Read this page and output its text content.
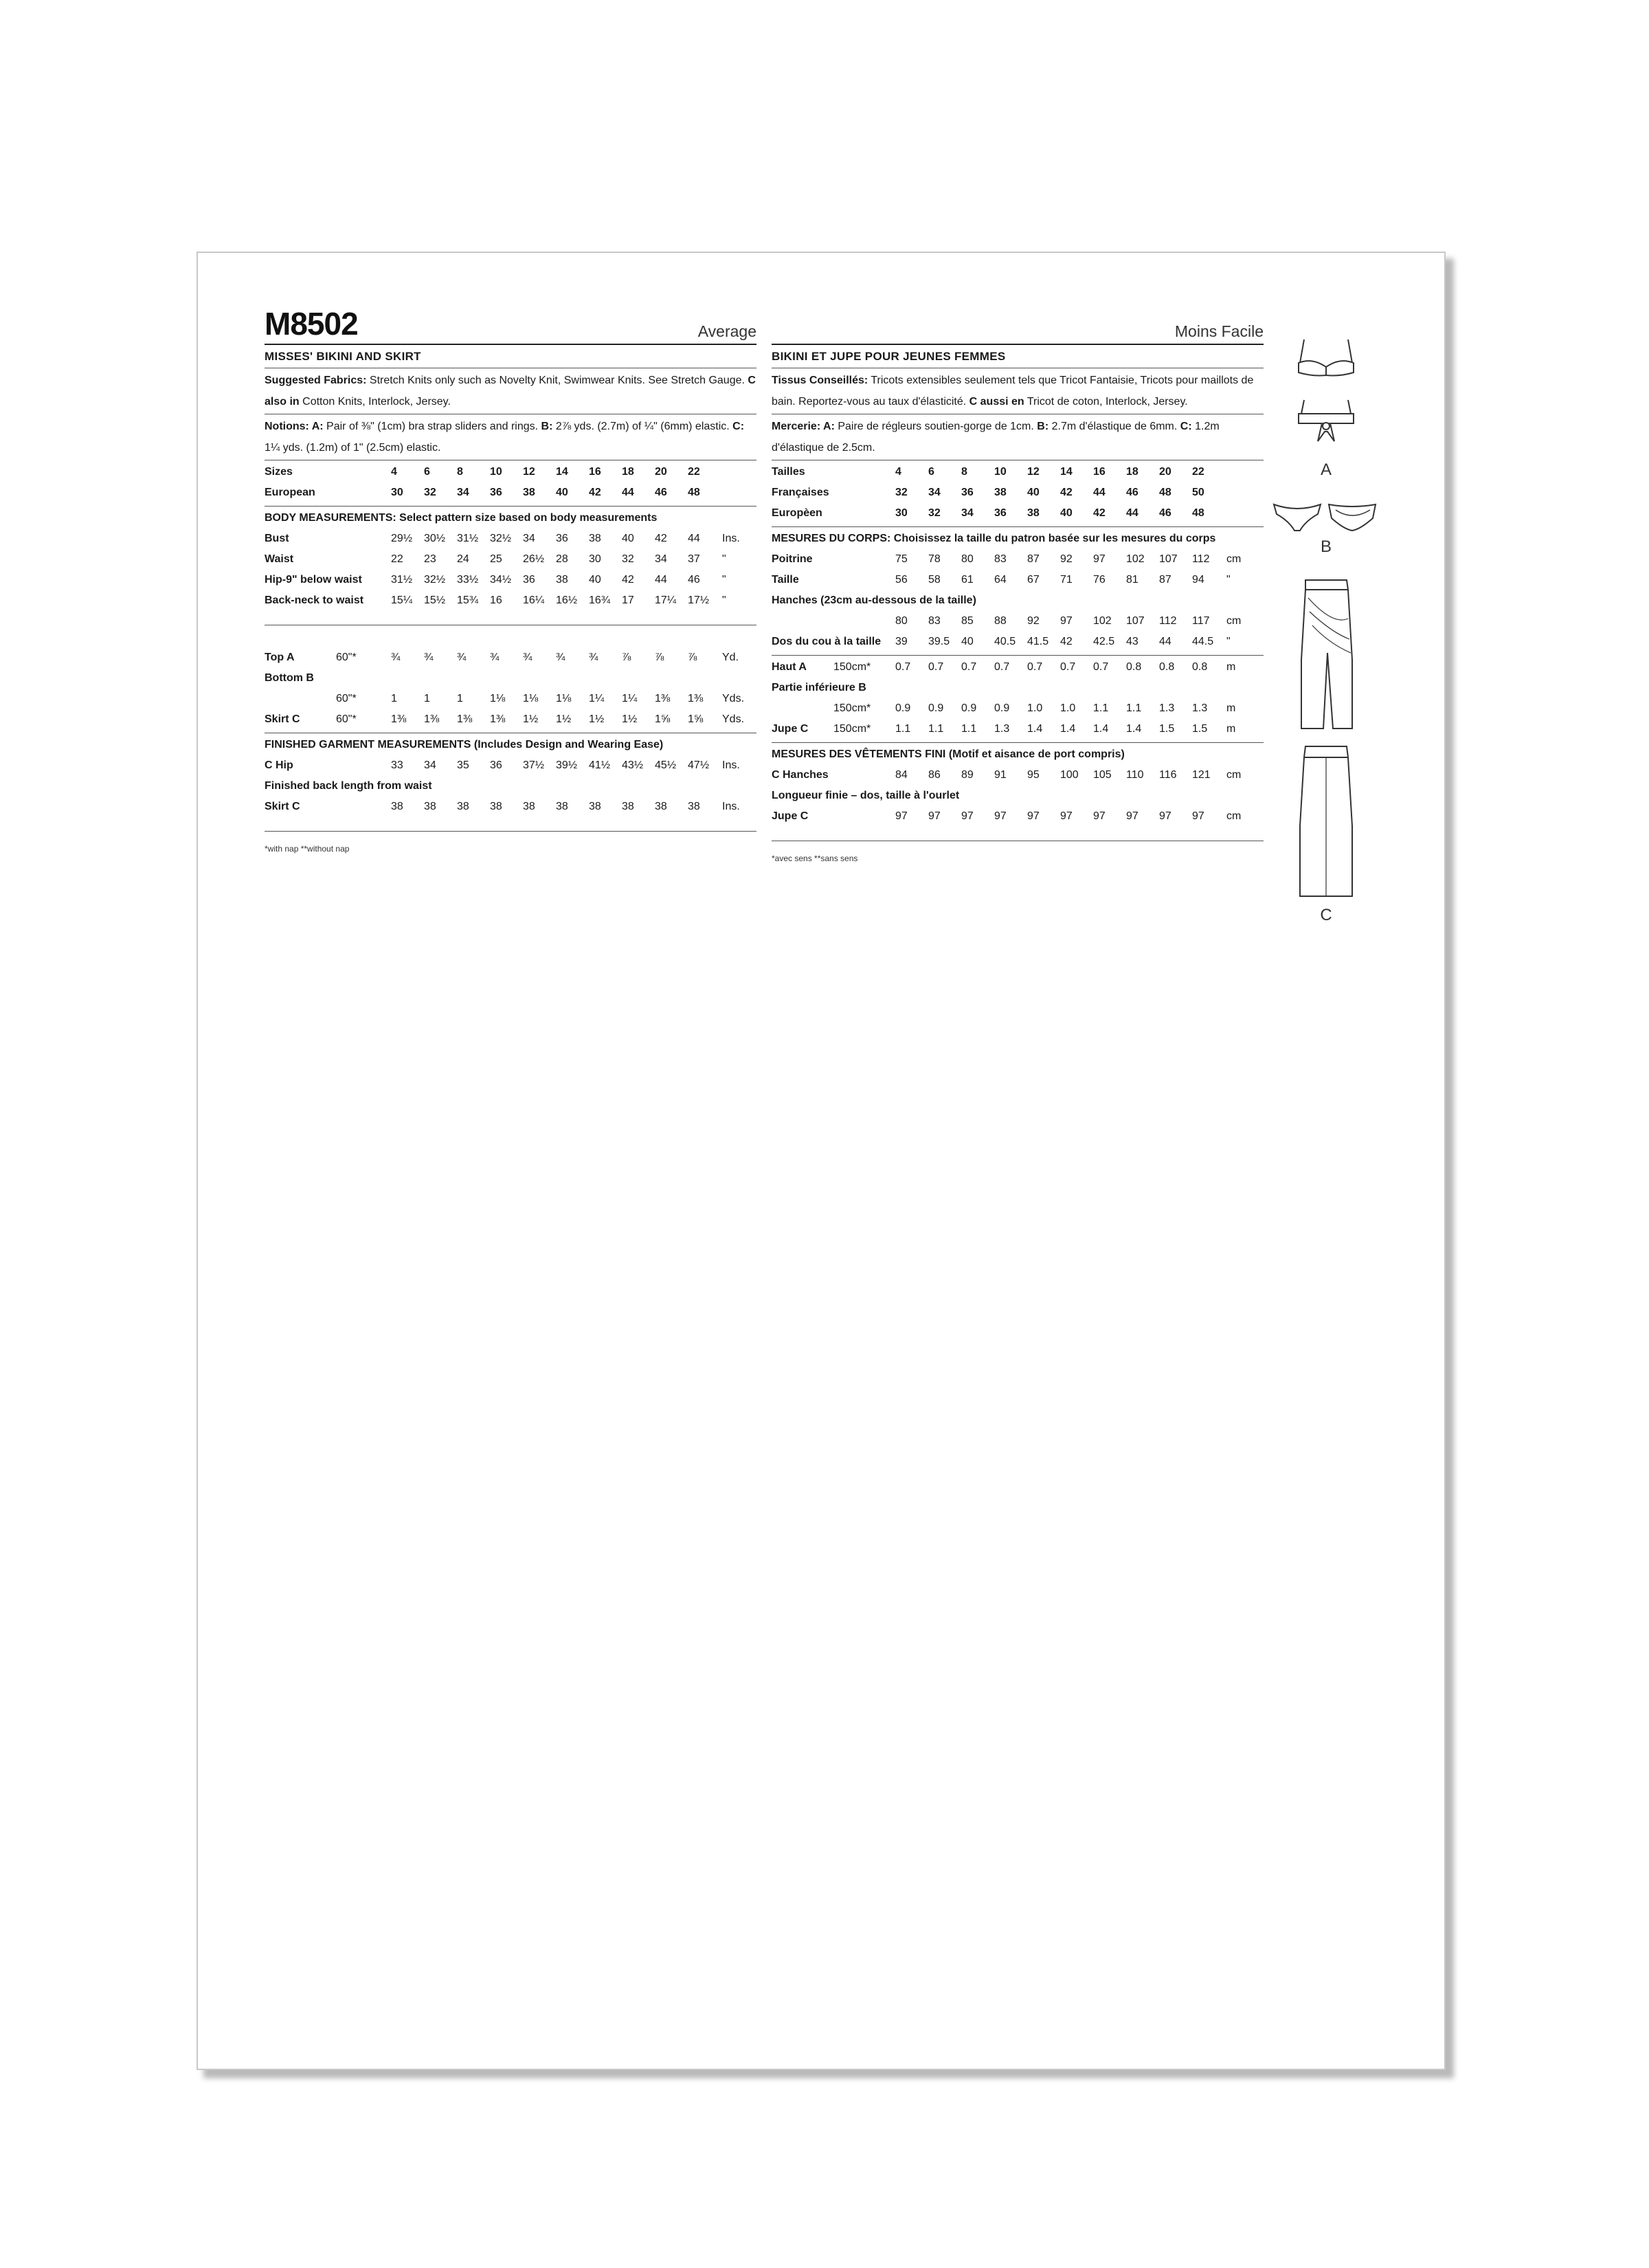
M8502	Average
MISSES' BIKINI AND SKIRT
Suggested Fabrics: Stretch Knits only such as Novelty Knit, Swimwear Knits. See Stretch Gauge. C also in Cotton Knits, Interlock, Jersey.
Notions: A: Pair of ⅜" (1cm) bra strap sliders and rings. B: 2⅞ yds. (2.7m) of ¼" (6mm) elastic. C: 1¼ yds. (1.2m) of 1" (2.5cm) elastic.
Sizes	4	6	8	10	12	14	16	18	20	22	
European	30	32	34	36	38	40	42	44	46	48	
BODY MEASUREMENTS: Select pattern size based on body measurements
Bust	29½	30½	31½	32½	34	36	38	40	42	44	Ins.
Waist	22	23	24	25	26½	28	30	32	34	37	"
Hip-9" below waist	31½	32½	33½	34½	36	38	40	42	44	46	"
Back-neck to waist	15¼	15½	15¾	16	16¼	16½	16¾	17	17¼	17½	"

Top A	60"*	¾	¾	¾	¾	¾	¾	¾	⅞	⅞	⅞	Yd.
Bottom B												
	60"*	1	1	1	1⅛	1⅛	1⅛	1¼	1¼	1⅜	1⅜	Yds.
Skirt C	60"*	1⅜	1⅜	1⅜	1⅜	1½	1½	1½	1½	1⅝	1⅝	Yds.
FINISHED GARMENT MEASUREMENTS (Includes Design and Wearing Ease)
C Hip	33	34	35	36	37½	39½	41½	43½	45½	47½	Ins.
Finished back length from waist											
Skirt C	38	38	38	38	38	38	38	38	38	38	Ins.
*with nap **without nap
Moins Facile
BIKINI ET JUPE POUR JEUNES FEMMES
Tissus Conseillés: Tricots extensibles seulement tels que Tricot Fantaisie, Tricots pour maillots de bain. Reportez-vous au taux d'élasticité. C aussi en Tricot de coton, Interlock, Jersey.
Mercerie: A: Paire de régleurs soutien-gorge de 1cm. B: 2.7m d'élastique de 6mm. C: 1.2m d'élastique de 2.5cm.
Tailles	4	6	8	10	12	14	16	18	20	22	
Françaises	32	34	36	38	40	42	44	46	48	50	
Europèen	30	32	34	36	38	40	42	44	46	48	
MESURES DU CORPS: Choisissez la taille du patron basée sur les mesures du corps
Poitrine	75	78	80	83	87	92	97	102	107	112	cm
Taille	56	58	61	64	67	71	76	81	87	94	"
Hanches (23cm au-dessous de la taille)											
	80	83	85	88	92	97	102	107	112	117	cm
Dos du cou à la taille	39	39.5	40	40.5	41.5	42	42.5	43	44	44.5	"
Haut A	150cm*	0.7	0.7	0.7	0.7	0.7	0.7	0.7	0.8	0.8	0.8	m
Partie inférieure B												
	150cm*	0.9	0.9	0.9	0.9	1.0	1.0	1.1	1.1	1.3	1.3	m
Jupe C	150cm*	1.1	1.1	1.1	1.3	1.4	1.4	1.4	1.4	1.5	1.5	m
MESURES DES VÊTEMENTS FINI (Motif et aisance de port compris)
C Hanches	84	86	89	91	95	100	105	110	116	121	cm
Longueur finie – dos, taille à l'ourlet											
Jupe C	97	97	97	97	97	97	97	97	97	97	cm
*avec sens **sans sens
A
B
C
